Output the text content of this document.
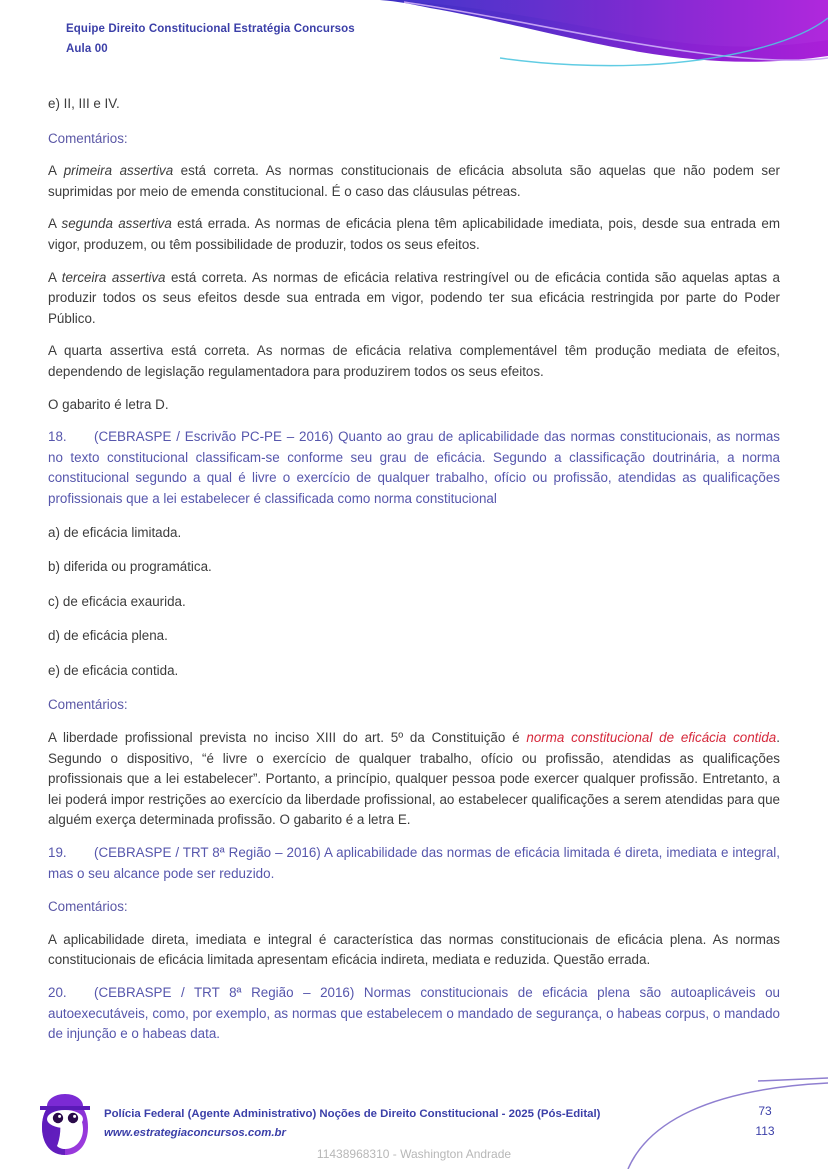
Equipe Direito Constitucional Estratégia Concursos
Aula 00

e) II, III e IV.

Comentários:

A primeira assertiva está correta. As normas constitucionais de eficácia absoluta são aquelas que não podem ser suprimidas por meio de emenda constitucional. É o caso das cláusulas pétreas.

A segunda assertiva está errada. As normas de eficácia plena têm aplicabilidade imediata, pois, desde sua entrada em vigor, produzem, ou têm possibilidade de produzir, todos os seus efeitos.

A terceira assertiva está correta. As normas de eficácia relativa restringível ou de eficácia contida são aquelas aptas a produzir todos os seus efeitos desde sua entrada em vigor, podendo ter sua eficácia restringida por parte do Poder Público.

A quarta assertiva está correta. As normas de eficácia relativa complementável têm produção mediata de efeitos, dependendo de legislação regulamentadora para produzirem todos os seus efeitos.

O gabarito é letra D.

18. (CEBRASPE / Escrivão PC-PE – 2016) Quanto ao grau de aplicabilidade das normas constitucionais, as normas no texto constitucional classificam-se conforme seu grau de eficácia. Segundo a classificação doutrinária, a norma constitucional segundo a qual é livre o exercício de qualquer trabalho, ofício ou profissão, atendidas as qualificações profissionais que a lei estabelecer é classificada como norma constitucional

a) de eficácia limitada.

b) diferida ou programática.

c) de eficácia exaurida.

d) de eficácia plena.

e) de eficácia contida.

Comentários:

A liberdade profissional prevista no inciso XIII do art. 5º da Constituição é norma constitucional de eficácia contida. Segundo o dispositivo, “é livre o exercício de qualquer trabalho, ofício ou profissão, atendidas as qualificações profissionais que a lei estabelecer”. Portanto, a princípio, qualquer pessoa pode exercer qualquer profissão. Entretanto, a lei poderá impor restrições ao exercício da liberdade profissional, ao estabelecer qualificações a serem atendidas para que alguém exerça determinada profissão. O gabarito é a letra E.

19. (CEBRASPE / TRT 8ª Região – 2016) A aplicabilidade das normas de eficácia limitada é direta, imediata e integral, mas o seu alcance pode ser reduzido.

Comentários:

A aplicabilidade direta, imediata e integral é característica das normas constitucionais de eficácia plena. As normas constitucionais de eficácia limitada apresentam eficácia indireta, mediata e reduzida. Questão errada.

20. (CEBRASPE / TRT 8ª Região – 2016) Normas constitucionais de eficácia plena são autoaplicáveis ou autoexecutáveis, como, por exemplo, as normas que estabelecem o mandado de segurança, o habeas corpus, o mandado de injunção e o habeas data.

Polícia Federal (Agente Administrativo) Noções de Direito Constitucional - 2025 (Pós-Edital)
www.estrategiaconcursos.com.br
73
113
11438968310 - Washington Andrade
